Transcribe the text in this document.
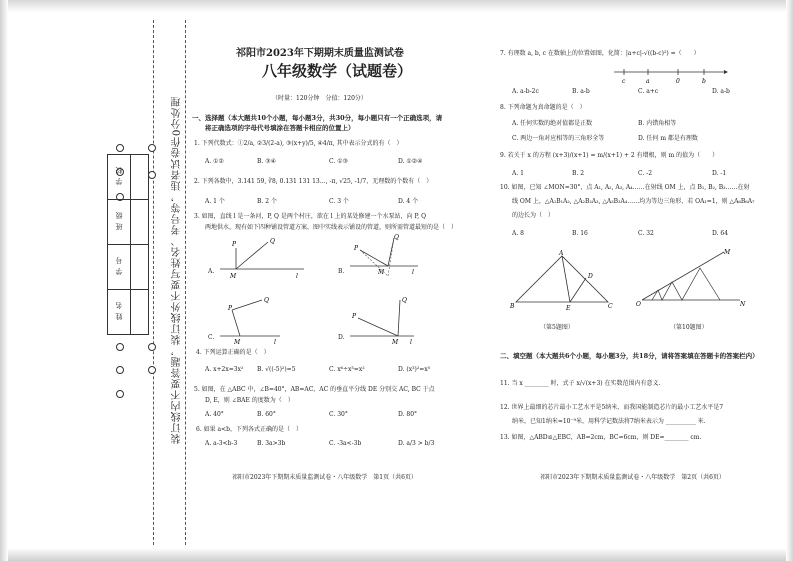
装订线内不要答题，装订线外不要写姓名、考号等，违者试卷作0分处理
学 校	
班 级	
学 号	
姓 名	
祁阳市2023年下期期末质量监测试卷
八年级数学（试题卷）
（时量：120分钟　分值：120分）
一、选择题（本大题共10个小题，每小题3分，共30分，每小题只有一个正确选项，请
将正确选项的字母代号填涂在答题卡相应的位置上）
1. 下列代数式：①2/a, ②3/(2-a), ③(x+y)/5, ④4/π, 其中表示分式的有（　）
A. ①②	B. ③④	C. ①③	D. ①②④
2. 下列各数中，3.141 59, ∛8, 0.131 131 13…, -π, √25, -1/7，无理数的个数有（　）
A. 1 个	B. 2 个	C. 3 个	D. 4 个
3. 如图，直线 l 是一条河，P, Q 是两个村庄，欲在 l 上的某处修建一个水泵站，向 P, Q
两地供水，现有如下四种铺设管道方案，图中实线表示铺设的管道，则所需管道最短的是（　）
A.
P	Q
M	l
B.
P
Q
M	l
C.
P
Q
M	l
D.
P
Q
M l
4. 下列运算正确的是（　）
A. x+2x=3x² B. √((-5)²)=5	C. x⁶÷x³=x²	D. (x³)²=x⁵
5. 如图，在 △ABC 中，∠B=40°，AB=AC，AC 的垂直平分线 DE 分别交 AC, BC 于点
D, E，则 ∠BAE 的度数为（　）
A. 40°	B. 60°	C. 30°	D. 80°
6. 如果 a<b，下列各式正确的是（　）
A. a-3<b-3	B. 3a>3b	C. -3a<-3b	D. a/3 > b/3
祁阳市2023年下期期末质量监测试卷・八年级数学　第1页（共6页）
7. 有理数 a, b, c 在数轴上的位置如图，化简：|a+c|-√((b-c)²) =（　　）
c	a	0	b
A. a-b-2c	B. a-b	C. a+c	D. a-b
8. 下列命题为真命题的是（　）
A. 任何实数的绝对值都是正数	B. 内错角相等
C. 两边一角对应相等的三角形全等	D. 任何 m 都是有理数
9. 若关于 x 的方程 (x+3)/(x+1) = m/(x+1) + 2 有增根，则 m 的值为（　　）
A. 1	B. 2	C. -2	D. -1
10. 如图，已知 ∠MON=30°，点 A₁, A₂, A₃, A₄……在射线 OM 上，点 B₁, B₂, B₃……在射
线 OM 上，△A₁B₁A₂, △A₂B₂A₃, △A₃B₃A₄……均为等边三角形，若 OA₁=1，则 △A₆B₆A₇
的边长为（　）
A. 8	B. 16	C. 32	D. 64
A
B	C
D
E
（第5题图）
O
M
N
（第10题图）
二、填空题（本大题共6个小题，每小题3分，共18分，请将答案填在答题卡的答案栏内）
11. 当 x ________ 时，式子 x/√(x+3) 在实数范围内有意义.
12. 世界上最细的芯片最小工艺水平是5纳米，而我国能制造芯片的最小工艺水平是7
纳米，已知1纳米=10⁻⁹米，用科学记数法将7纳米表示为 __________ 米.
13. 如图，△ABD≌△EBC，AB=2cm，BC=6cm，则 DE=________ cm.
祁阳市2023年下期期末质量监测试卷・八年级数学　第2页（共6页）
